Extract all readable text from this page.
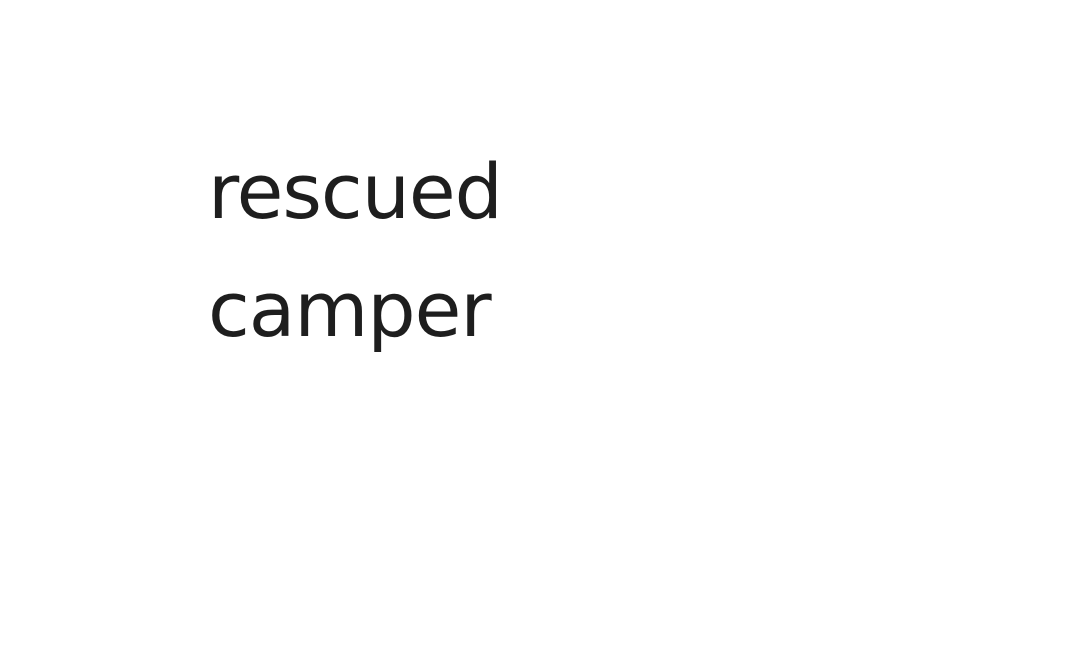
rescued
camper
